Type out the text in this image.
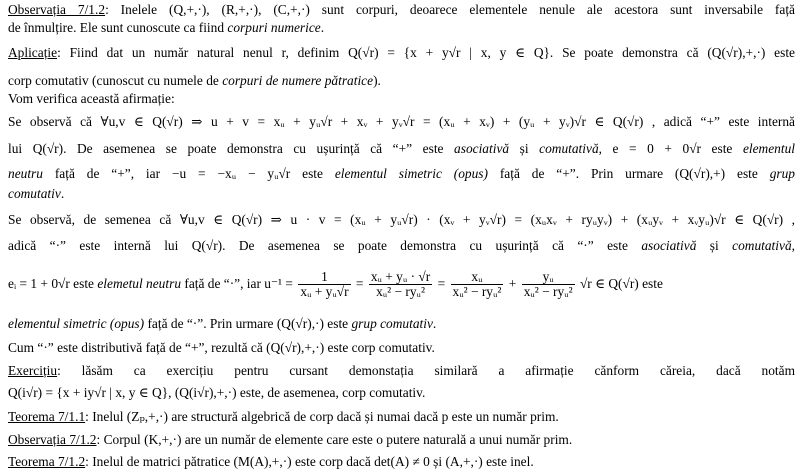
Observația 7/1.2: Inelele (Q,+,·), (R,+,·), (C,+,·) sunt corpuri, deoarece elementele nenule ale acestora sunt inversabile față
de înmulțire. Ele sunt cunoscute ca fiind corpuri numerice.
Aplicație: Fiind dat un număr natural nenul r, definim Q(√r) = {x + y√r | x, y ∈ Q}. Se poate demonstra că (Q(√r),+,·) este
corp comutativ (cunoscut cu numele de corpuri de numere pătratice).
Vom verifica această afirmație:
Se observă că ∀u,v ∈ Q(√r) ⇒ u + v = xᵤ + yᵤ√r + xᵥ + yᵥ√r = (xᵤ + xᵥ) + (yᵤ + yᵥ)√r ∈ Q(√r) , adică “+” este internă
lui Q(√r). De asemenea se poate demonstra cu ușurință că “+” este asociativă și comutativă, e = 0 + 0√r este elementul
neutru față de “+”, iar −u = −xᵤ − yᵤ√r este elementul simetric (opus) față de “+”. Prin urmare (Q(√r),+) este grup
comutativ.
Se observă, de semenea că ∀u,v ∈ Q(√r) ⇒ u · v = (xᵤ + yᵤ√r) · (xᵥ + yᵥ√r) = (xᵤxᵥ + ryᵤyᵥ) + (xᵤyᵥ + xᵥyᵤ)√r ∈ Q(√r) ,
adică “·” este internă lui Q(√r). De asemenea se poate demonstra cu ușurință că “·” este asociativă și comutativă,
eᵢ = 1 + 0√r este elemetul neutru față de “·”, iar $u^{-1} = \frac{1}{\text{xᵤ + yᵤ√r}} = \frac{\text{xᵤ + yᵤ · √r}}{\text{xᵤ² − ryᵤ²}} = \frac{\text{xᵤ}}{\text{xᵤ² − ryᵤ²}} + \frac{\text{yᵤ}}{\text{xᵤ² − ryᵤ²}} √r$ ∈ Q(√r) este
elementul simetric (opus) față de “·”. Prin urmare (Q(√r),·) este grup comutativ.
Cum “·” este distributivă față de “+”, rezultă că (Q(√r),+,·) este corp comutativ.
Exercițiu: lăsăm ca exercițiu pentru cursant demonstația similară a afirmație cănform căreia, dacă notăm
Q(i√r) = {x + iy√r | x, y ∈ Q}, (Q(i√r),+,·) este, de asemenea, corp comutativ.
Teorema 7/1.1: Inelul (Zₚ,+,·) are structură algebrică de corp dacă și numai dacă p este un număr prim.
Observația 7/1.2: Corpul (K,+,·) are un număr de elemente care este o putere naturală a unui număr prim.
Teorema 7/1.2: Inelul de matrici pătratice (M(A),+,·) este corp dacă det(A) ≠ 0 și (A,+,·) este inel.
